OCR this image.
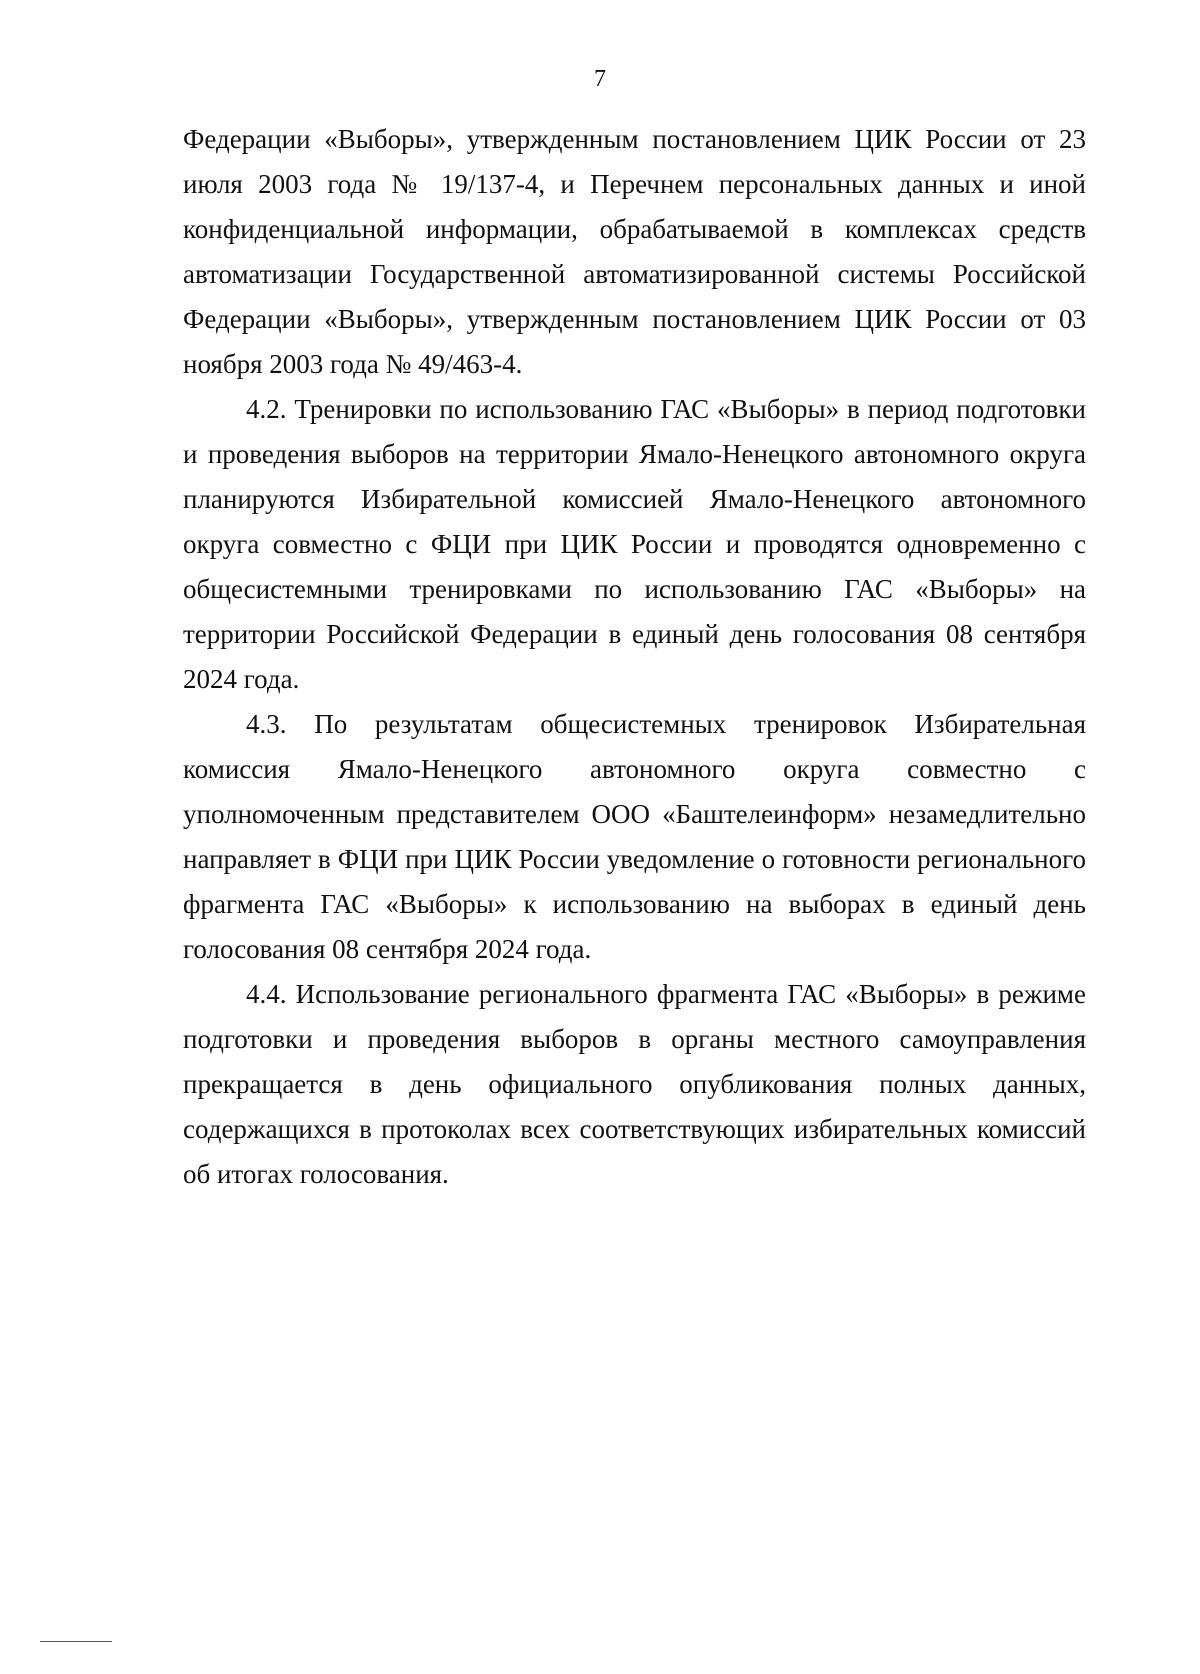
7

Федерации «Выборы», утвержденным постановлением ЦИК России от 23 июля 2003 года № 19/137-4, и Перечнем персональных данных и иной конфиденциальной информации, обрабатываемой в комплексах средств автоматизации Государственной автоматизированной системы Российской Федерации «Выборы», утвержденным постановлением ЦИК России от 03 ноября 2003 года № 49/463-4.

4.2. Тренировки по использованию ГАС «Выборы» в период подготовки и проведения выборов на территории Ямало-Ненецкого автономного округа планируются Избирательной комиссией Ямало-Ненецкого автономного округа совместно с ФЦИ при ЦИК России и проводятся одновременно с общесистемными тренировками по использованию ГАС «Выборы» на территории Российской Федерации в единый день голосования 08 сентября 2024 года.

4.3. По результатам общесистемных тренировок Избирательная комиссия Ямало-Ненецкого автономного округа совместно с уполномоченным представителем ООО «Баштелеинформ» незамедлительно направляет в ФЦИ при ЦИК России уведомление о готовности регионального фрагмента ГАС «Выборы» к использованию на выборах в единый день голосования 08 сентября 2024 года.

4.4. Использование регионального фрагмента ГАС «Выборы» в режиме подготовки и проведения выборов в органы местного самоуправления прекращается в день официального опубликования полных данных, содержащихся в протоколах всех соответствующих избирательных комиссий об итогах голосования.
